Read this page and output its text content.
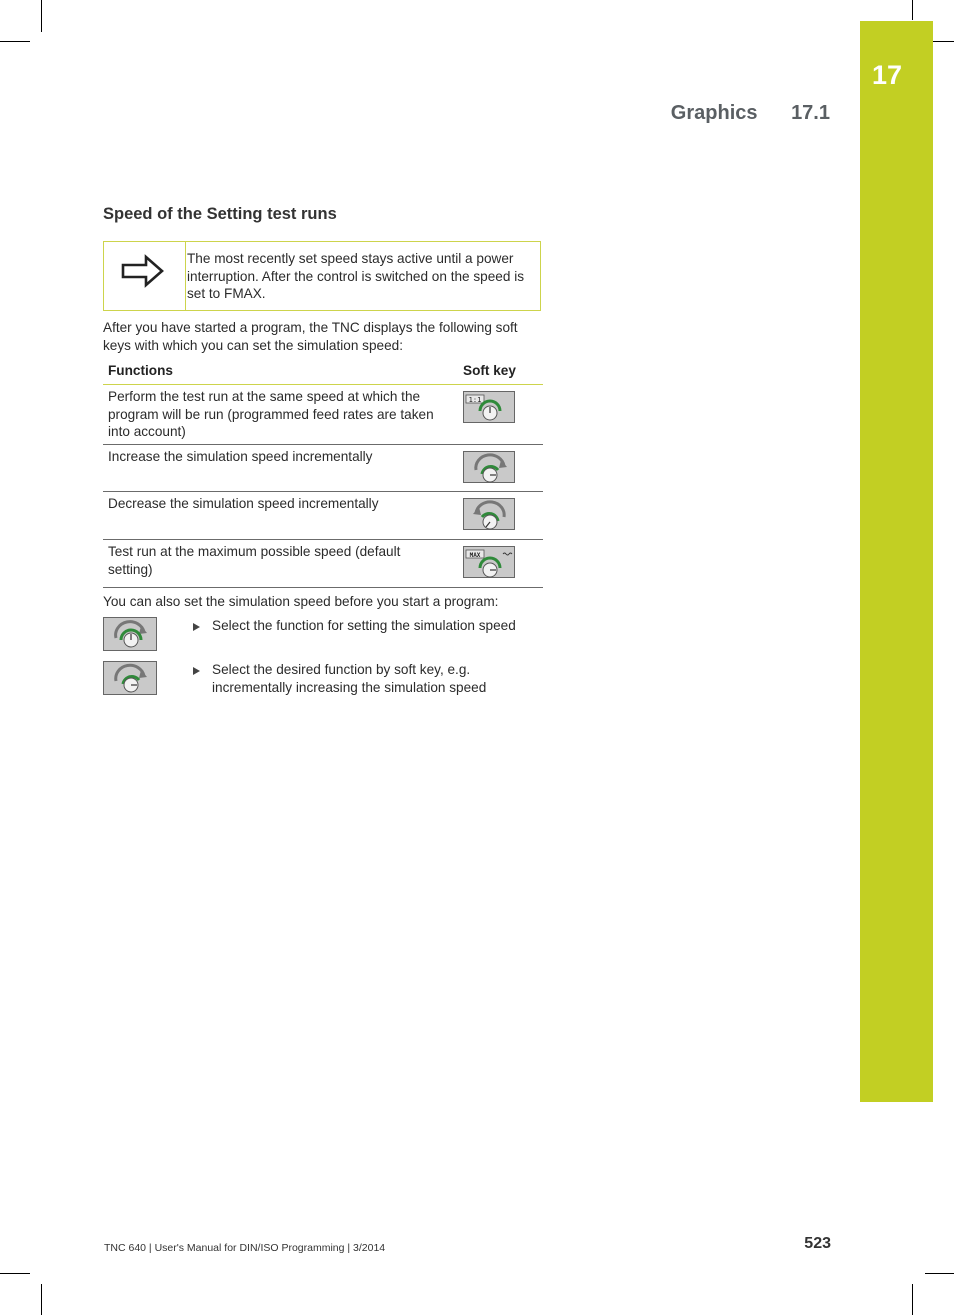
17
Graphics 17.1
Speed of the Setting test runs
The most recently set speed stays active until a power interruption. After the control is switched on the speed is set to FMAX.
After you have started a program, the TNC displays the following soft keys with which you can set the simulation speed:
Functions	Soft key
Perform the test run at the same speed at which the program will be run (programmed feed rates are taken into account)
1:1
Increase the simulation speed incrementally
Decrease the simulation speed incrementally
Test run at the maximum possible speed (default setting)
MAX
You can also set the simulation speed before you start a program:
Select the function for setting the simulation speed
Select the desired function by soft key, e.g. incrementally increasing the simulation speed
TNC 640 | User's Manual for DIN/ISO Programming | 3/2014	523
